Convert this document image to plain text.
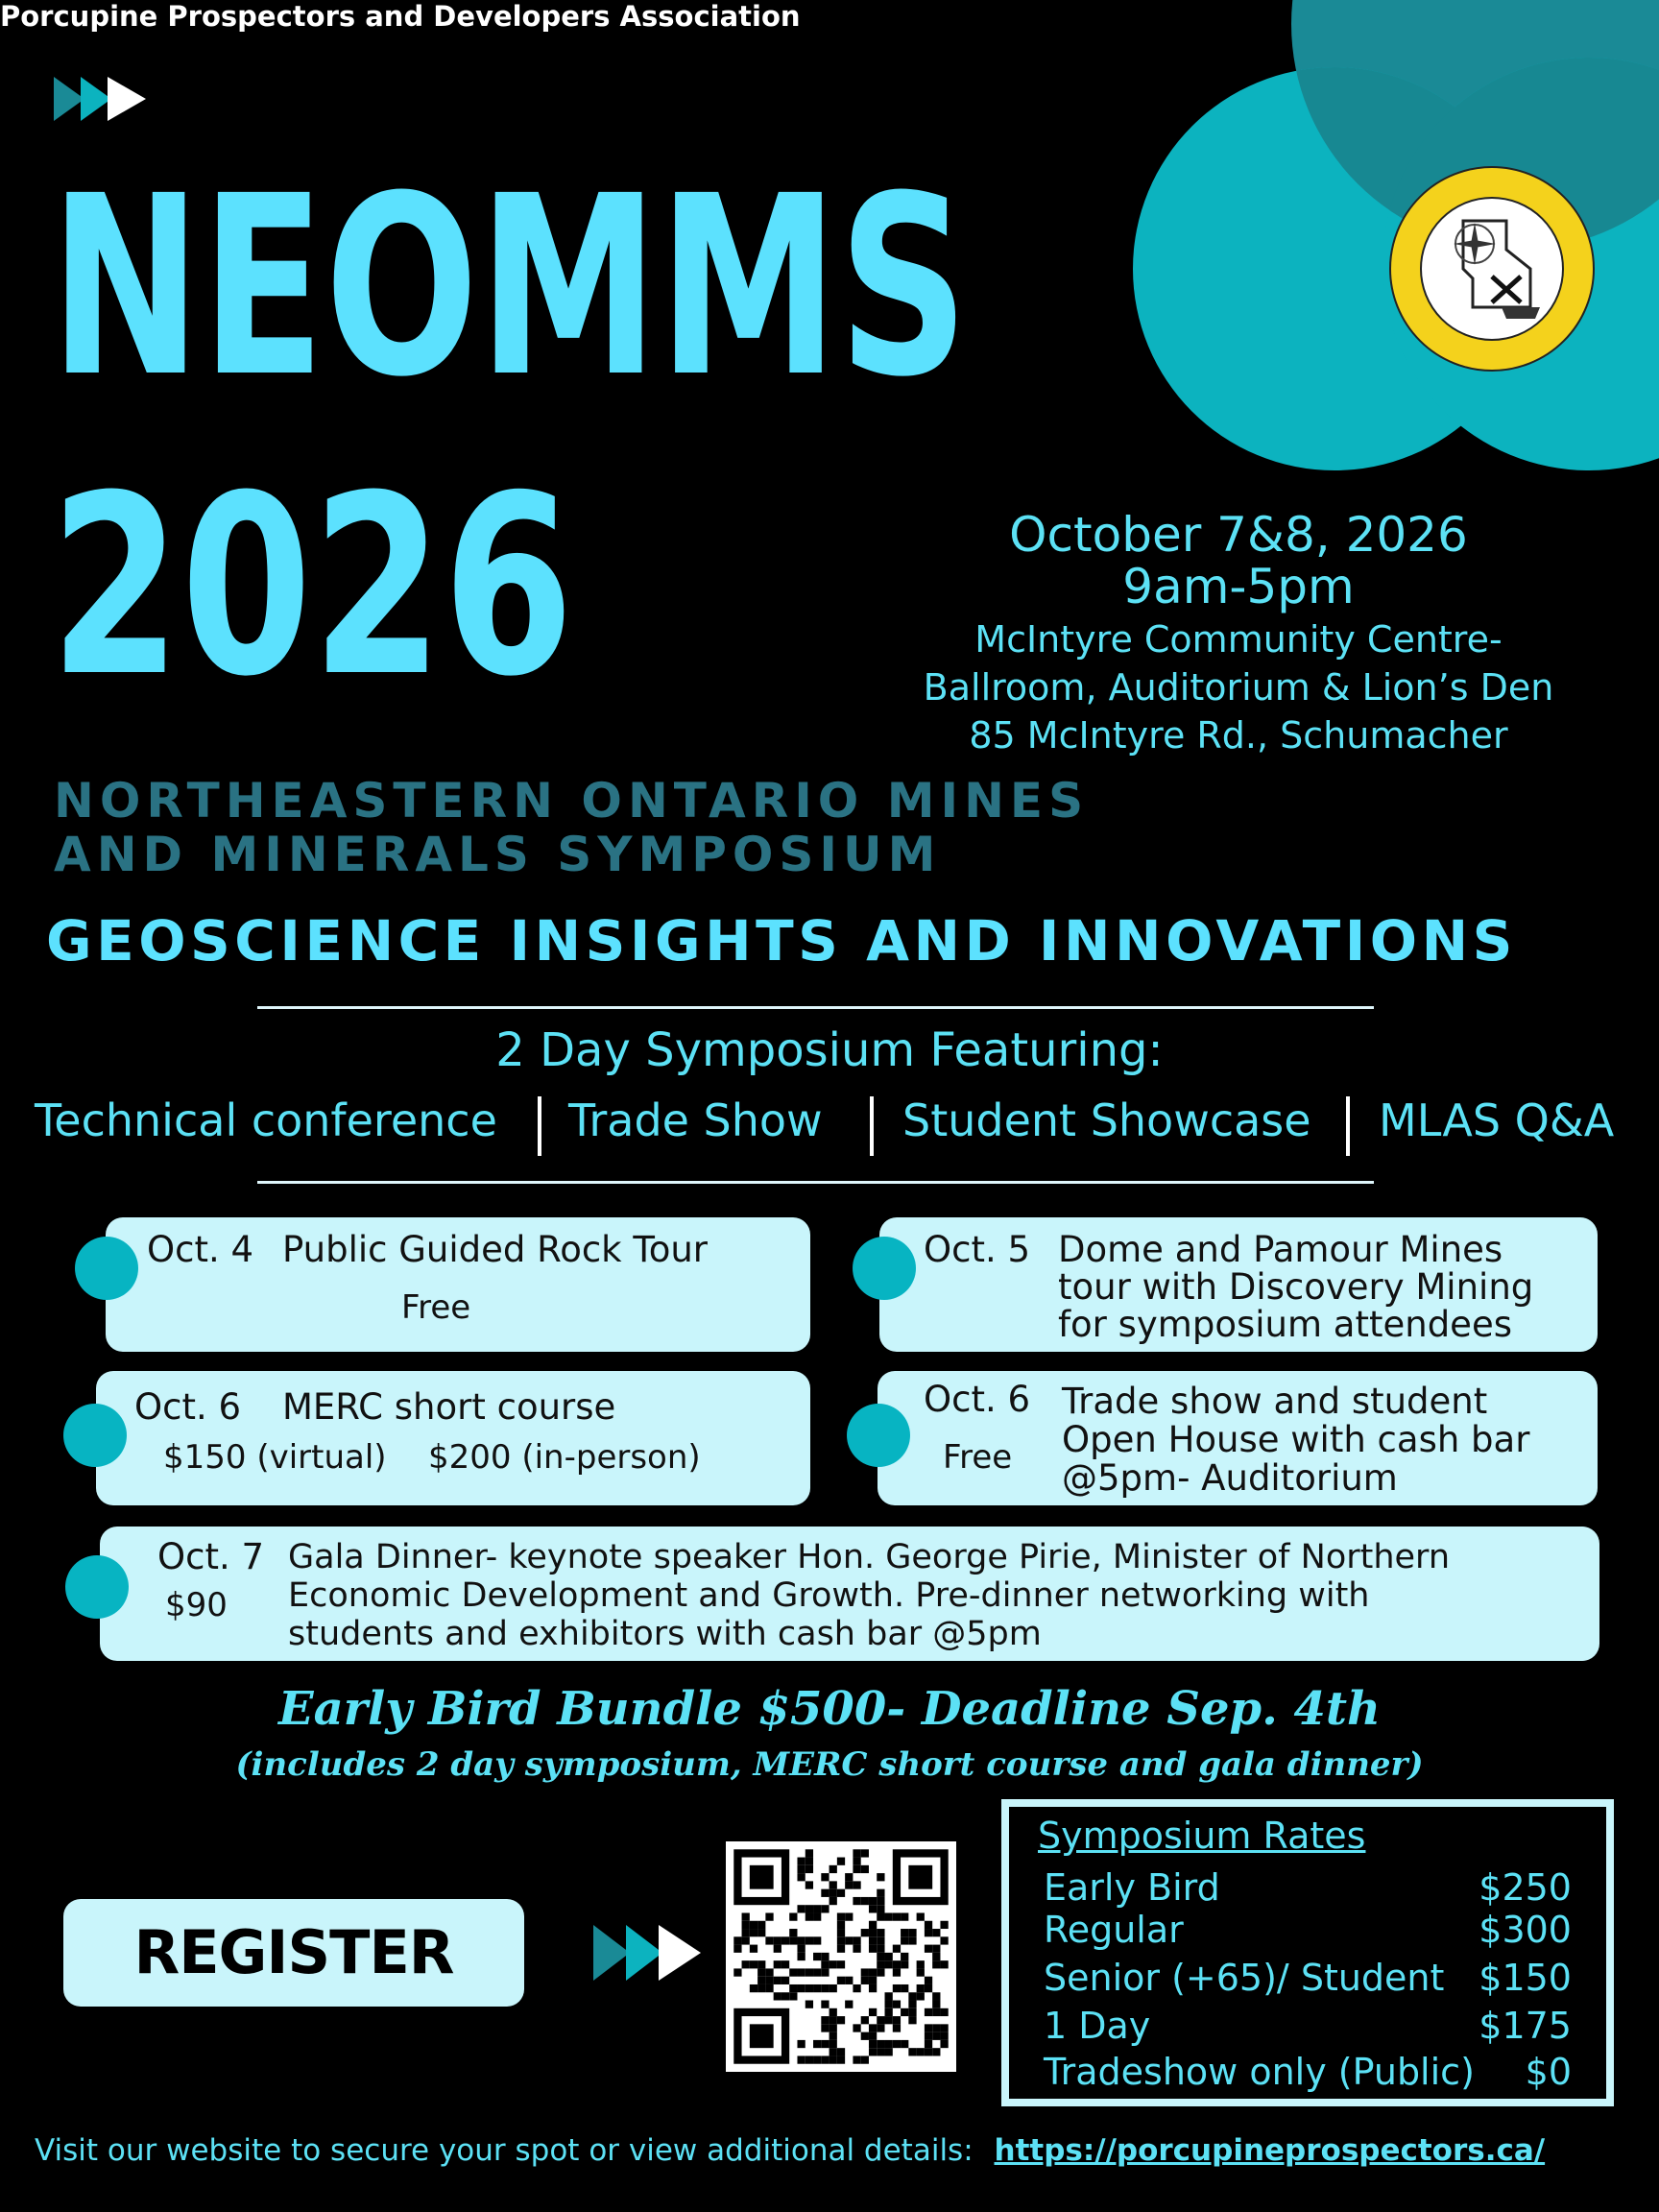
Porcupine Prospectors and Developers Association
NEOMMS
2026	October 7&8, 2026
9am-5pm
McIntyre Community Centre-
Ballroom, Auditorium & Lion’s Den
85 McIntyre Rd., Schumacher
NORTHEASTERN ONTARIO MINES
AND MINERALS SYMPOSIUM
GEOSCIENCE INSIGHTS AND INNOVATIONS
2 Day Symposium Featuring:
Technical conference Trade Show Student Showcase MLAS Q&A
Oct. 4 Public Guided Rock Tour
Free
Oct. 5 Dome and Pamour Mines
tour with Discovery Mining
for symposium attendees
Oct. 6 MERC short course
$150 (virtual) $200 (in-person)
Oct. 6
Free
Trade show and student
Open House with cash bar
@5pm- Auditorium
Oct. 7
$90
Gala Dinner- keynote speaker Hon. George Pirie, Minister of Northern
Economic Development and Growth. Pre-dinner networking with
students and exhibitors with cash bar @5pm
Early Bird Bundle $500- Deadline Sep. 4th
(includes 2 day symposium, MERC short course and gala dinner)
REGISTER NOW
Symposium Rates
Early Bird	$250
Regular	$300
Senior (+65)/ Student $150
1 Day	$175
Tradeshow only (Public) $0
Visit our website to secure your spot or view additional details: https://porcupineprospectors.ca/
